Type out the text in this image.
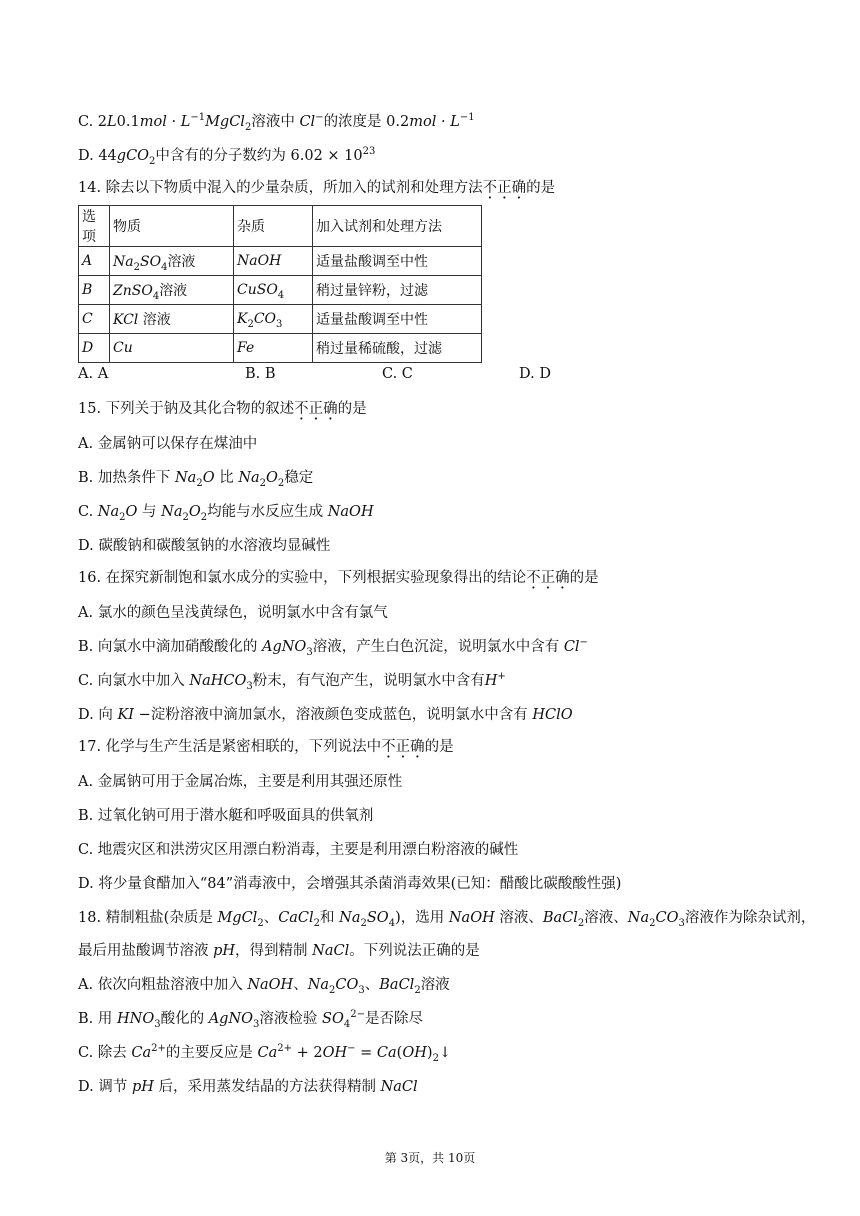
C. $2L0.1mol \cdot L^{-1}MgCl_2$溶液中 Cl−的浓度是 $0.2mol \cdot L^{-1}$
D. 44gCO$_2$中含有的分子数约为 $6.02 \times 10^{23}$
14. 除去以下物质中混入的少量杂质，所加入的试剂和处理方法不正确的是
选项	物质	杂质	加入试剂和处理方法
A	$Na_2SO_4$溶液	NaOH	适量盐酸调至中性
B	ZnSO$_4$溶液	CuSO$_4$	稍过量锌粉，过滤
C	KCl 溶液	$K_2CO_3$	适量盐酸调至中性
D	Cu	Fe	稍过量稀硫酸，过滤
A. A	B. B	C. C	D. D
15. 下列关于钠及其化合物的叙述不正确的是
A. 金属钠可以保存在煤油中
B. 加热条件下 $Na_2O$ 比 $Na_2O_2$稳定
C. $Na_2O$ 与 $Na_2O_2$均能与水反应生成 NaOH
D. 碳酸钠和碳酸氢钠的水溶液均显碱性
16. 在探究新制饱和氯水成分的实验中，下列根据实验现象得出的结论不正确的是
A. 氯水的颜色呈浅黄绿色，说明氯水中含有氯气
B. 向氯水中滴加硝酸酸化的 AgNO$_3$溶液，产生白色沉淀，说明氯水中含有 Cl−
C. 向氯水中加入 NaHCO$_3$粉末，有气泡产生，说明氯水中含有H+
D. 向 KI −淀粉溶液中滴加氯水，溶液颜色变成蓝色，说明氯水中含有 HClO
17. 化学与生产生活是紧密相联的，下列说法中不正确的是
A. 金属钠可用于金属冶炼，主要是利用其强还原性
B. 过氧化钠可用于潜水艇和呼吸面具的供氧剂
C. 地震灾区和洪涝灾区用漂白粉消毒，主要是利用漂白粉溶液的碱性
D. 将少量食醋加入“84”消毒液中，会增强其杀菌消毒效果(已知：醋酸比碳酸酸性强)
18. 精制粗盐(杂质是 MgCl$_2$、CaCl$_2$和 $Na_2SO_4$)，选用 NaOH 溶液、BaCl$_2$溶液、$Na_2CO_3$溶液作为除杂试剂，
最后用盐酸调节溶液 pH，得到精制 NaCl。下列说法正确的是
A. 依次向粗盐溶液中加入 NaOH、$Na_2CO_3$、BaCl$_2$溶液
B. 用 $HNO_3$酸化的 AgNO$_3$溶液检验 $SO_4^{2-}$是否除尽
C. 除去 $Ca^{2+}$的主要反应是 $Ca^{2+} + 2OH^-$ = $Ca(OH)_2↓$
D. 调节 pH 后，采用蒸发结晶的方法获得精制 NaCl
第 3页，共 10页
